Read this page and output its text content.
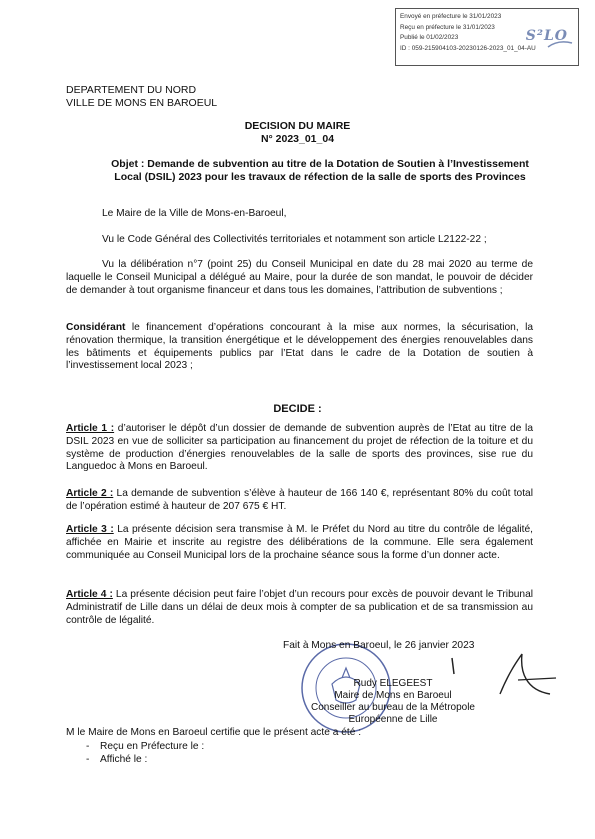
Envoyé en préfecture le 31/01/2023
Reçu en préfecture le 31/01/2023
Publié le 01/02/2023
ID : 059-215904103-20230126-2023_01_04-AU
S²LO
DEPARTEMENT DU NORD
VILLE DE MONS EN BAROEUL
DECISION DU MAIRE
N° 2023_01_04
Objet : Demande de subvention au titre de la Dotation de Soutien à l’Investissement Local (DSIL) 2023 pour les travaux de réfection de la salle de sports des Provinces
Le Maire de la Ville de Mons-en-Baroeul,
Vu le Code Général des Collectivités territoriales et notamment son article L2122-22 ;
Vu la délibération n°7 (point 25) du Conseil Municipal en date du 28 mai 2020 au terme de laquelle le Conseil Municipal a délégué au Maire, pour la durée de son mandat, le pouvoir de décider de demander à tout organisme financeur et dans tous les domaines, l’attribution de subventions ;
Considérant le financement d’opérations concourant à la mise aux normes, la sécurisation, la rénovation thermique, la transition énergétique et le développement des énergies renouvelables dans les bâtiments et équipements publics par l’Etat dans le cadre de la Dotation de soutien à l’investissement local 2023 ;
DECIDE :
Article 1 : d’autoriser le dépôt d’un dossier de demande de subvention auprès de l’Etat au titre de la DSIL 2023 en vue de solliciter sa participation au financement du projet de réfection de la toiture et du système de production d’énergies renouvelables de la salle de sports des provinces, sise rue du Languedoc à Mons en Baroeul.
Article 2 : La demande de subvention s’élève à hauteur de 166 140 €, représentant 80% du coût total de l’opération estimé à hauteur de 207 675 € HT.
Article 3 : La présente décision sera transmise à M. le Préfet du Nord au titre du contrôle de légalité, affichée en Mairie et inscrite au registre des délibérations de la commune. Elle sera également communiquée au Conseil Municipal lors de la prochaine séance sous la forme d’un donner acte.
Article 4 : La présente décision peut faire l’objet d’un recours pour excès de pouvoir devant le Tribunal Administratif de Lille dans un délai de deux mois à compter de sa publication et de sa transmission au contrôle de légalité.
Fait à Mons en Baroeul, le 26 janvier 2023
Rudy ELEGEEST
Maire de Mons en Baroeul
Conseiller au bureau de la Métropole
Européenne de Lille
M le Maire de Mons en Baroeul certifie que le présent acte a été :
- Reçu en Préfecture le :
- Affiché le :
